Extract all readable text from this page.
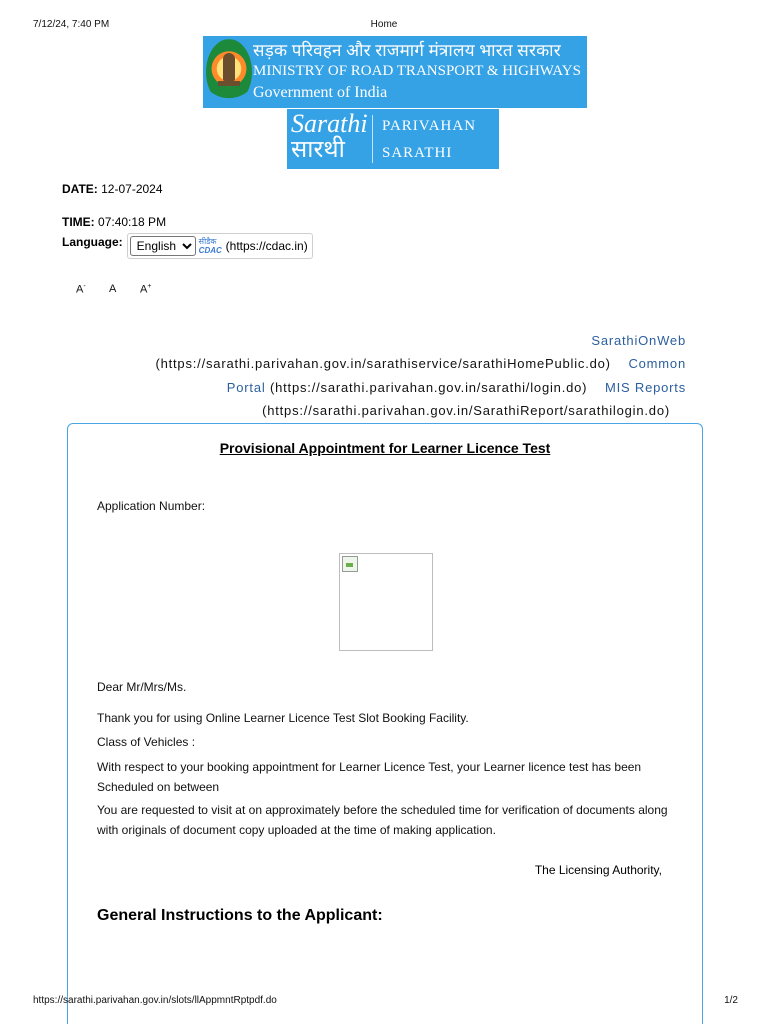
7/12/24, 7:40 PM	Home
सड़क परिवहन और राजमार्ग मंत्रालय भारत सरकार
MINISTRY OF ROAD TRANSPORT & HIGHWAYS
Government of India
Sarathi
सारथी
PARIVAHAN
SARATHI
DATE: 12-07-2024
TIME: 07:40:18 PM
Language:
English	सीडैक
CDAC (https://cdac.in)
A- A A+
SarathiOnWeb
(https://sarathi.parivahan.gov.in/sarathiservice/sarathiHomePublic.do) Common
Portal (https://sarathi.parivahan.gov.in/sarathi/login.do) MIS Reports
(https://sarathi.parivahan.gov.in/SarathiReport/sarathilogin.do)
Provisional Appointment for Learner Licence Test
Application Number:
Dear Mr/Mrs/Ms.
Thank you for using Online Learner Licence Test Slot Booking Facility.
Class of Vehicles :
With respect to your booking appointment for Learner Licence Test, your Learner licence test has been Scheduled on between
You are requested to visit at on approximately before the scheduled time for verification of documents along with originals of document copy uploaded at the time of making application.
The Licensing Authority,
General Instructions to the Applicant:
https://sarathi.parivahan.gov.in/slots/llAppmntRptpdf.do	1/2
